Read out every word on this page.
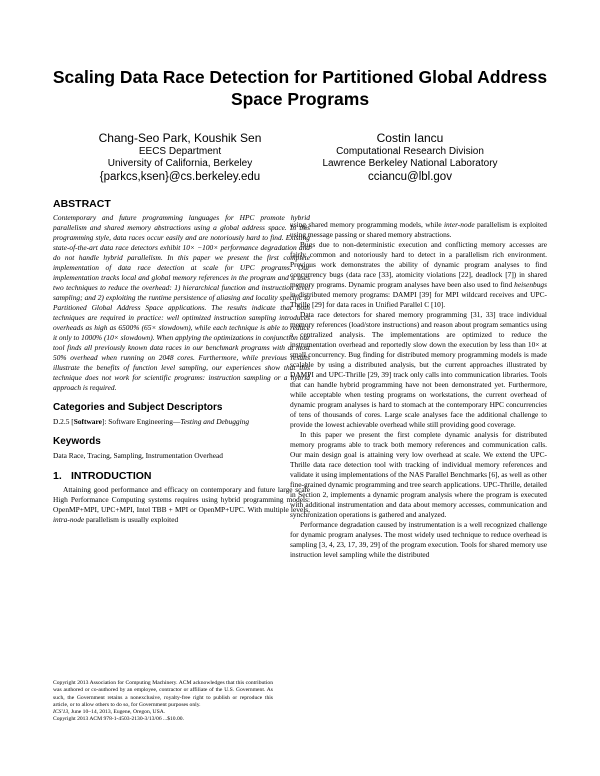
Scaling Data Race Detection for Partitioned Global Address Space Programs
Chang-Seo Park, Koushik Sen
EECS Department
University of California, Berkeley
{parkcs,ksen}@cs.berkeley.edu
Costin Iancu
Computational Research Division
Lawrence Berkeley National Laboratory
cciancu@lbl.gov
ABSTRACT

Contemporary and future programming languages for HPC promote hybrid parallelism and shared memory abstractions using a global address space. In this programming style, data races occur easily and are notoriously hard to find. Existing state-of-the-art data race detectors exhibit 10× −100× performance degradation and do not handle hybrid parallelism. In this paper we present the first complete implementation of data race detection at scale for UPC programs. Our implementation tracks local and global memory references in the program and it uses two techniques to reduce the overhead: 1) hierarchical function and instruction level sampling; and 2) exploiting the runtime persistence of aliasing and locality specific to Partitioned Global Address Space applications. The results indicate that both techniques are required in practice: well optimized instruction sampling introduces overheads as high as 6500% (65× slowdown), while each technique is able to reduce it only to 1000% (10× slowdown). When applying the optimizations in conjunction our tool finds all previously known data races in our benchmark programs with at most 50% overhead when running on 2048 cores. Furthermore, while previous results illustrate the benefits of function level sampling, our experiences show that this technique does not work for scientific programs: instruction sampling or a hybrid approach is required.

Categories and Subject Descriptors

D.2.5 [Software]: Software Engineering—Testing and Debugging

Keywords

Data Race, Tracing, Sampling, Instrumentation Overhead

1. INTRODUCTION

Attaining good performance and efficacy on contemporary and future large scale High Performance Computing systems requires using hybrid programming models: OpenMP+MPI, UPC+MPI, Intel TBB + MPI or OpenMP+UPC. With multiple levels, intra-node parallelism is usually exploited

using shared memory programming models, while inter-node parallelism is exploited using message passing or shared memory abstractions.

Bugs due to non-deterministic execution and conflicting memory accesses are fairly common and notoriously hard to detect in a parallelism rich environment. Previous work demonstrates the ability of dynamic program analyses to find concurrency bugs (data race [33], atomicity violations [22], deadlock [7]) in shared memory programs. Dynamic program analyses have been also used to find heisenbugs in distributed memory programs: DAMPI [39] for MPI wildcard receives and UPC-Thrille [29] for data races in Unified Parallel C [10].

Data race detectors for shared memory programming [31, 33] trace individual memory references (load/store instructions) and reason about program semantics using a centralized analysis. The implementations are optimized to reduce the instrumentation overhead and reportedly slow down the execution by less than 10× at small concurrency. Bug finding for distributed memory programming models is made scalable by using a distributed analysis, but the current approaches illustrated by DAMPI and UPC-Thrille [29, 39] track only calls into communication libraries. Tools that can handle hybrid programming have not been demonstrated yet. Furthermore, while acceptable when testing programs on workstations, the current overhead of dynamic program analyses is hard to stomach at the contemporary HPC concurrencies of tens of thousands of cores. Large scale analyses face the additional challenge to provide the lowest achievable overhead while still providing good coverage.

In this paper we present the first complete dynamic analysis for distributed memory programs able to track both memory references and communication calls. Our main design goal is attaining very low overhead at scale. We extend the UPC-Thrille data race detection tool with tracking of individual memory references and validate it using implementations of the NAS Parallel Benchmarks [6], as well as other fine-grained dynamic programming and tree search applications. UPC-Thrille, detailed in Section 2, implements a dynamic program analysis where the program is executed with additional instrumentation and data about memory accesses, communication and synchronization operations is gathered and analyzed.

Performance degradation caused by instrumentation is a well recognized challenge for dynamic program analyses. The most widely used technique to reduce overhead is sampling [3, 4, 23, 17, 39, 29] of the program execution. Tools for shared memory use instruction level sampling while the distributed

Copyright 2013 Association for Computing Machinery. ACM acknowledges that this contribution was authored or co-authored by an employee, contractor or affiliate of the U.S. Government. As such, the Government retains a nonexclusive, royalty-free right to publish or reproduce this article, or to allow others to do so, for Government purposes only.
ICS'13, June 10–14, 2013, Eugene, Oregon, USA.
Copyright 2013 ACM 978-1-4503-2130-3/13/06 ...$10.00.
